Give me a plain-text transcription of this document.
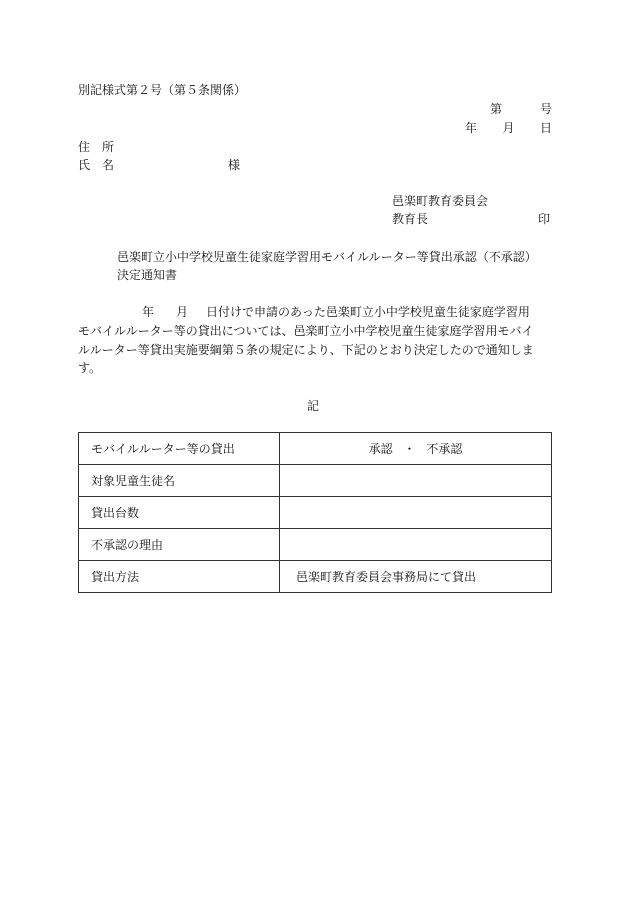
別記様式第２号（第５条関係）
第	号
年 月 日
住　所
氏　名	様
邑楽町教育委員会
教育長	印
邑楽町立小中学校児童生徒家庭学習用モバイルルーター等貸出承認（不承認）
決定通知書
年 月 日付けで申請のあった邑楽町立小中学校児童生徒家庭学習用
モバイルルーター等の貸出については、邑楽町立小中学校児童生徒家庭学習用モバイ
ルルーター等貸出実施要綱第５条の規定により、下記のとおり決定したので通知しま
す。
記
モバイルルーター等の貸出	承認 ・ 不承認
対象児童生徒名	
貸出台数	
不承認の理由	
貸出方法	邑楽町教育委員会事務局にて貸出
